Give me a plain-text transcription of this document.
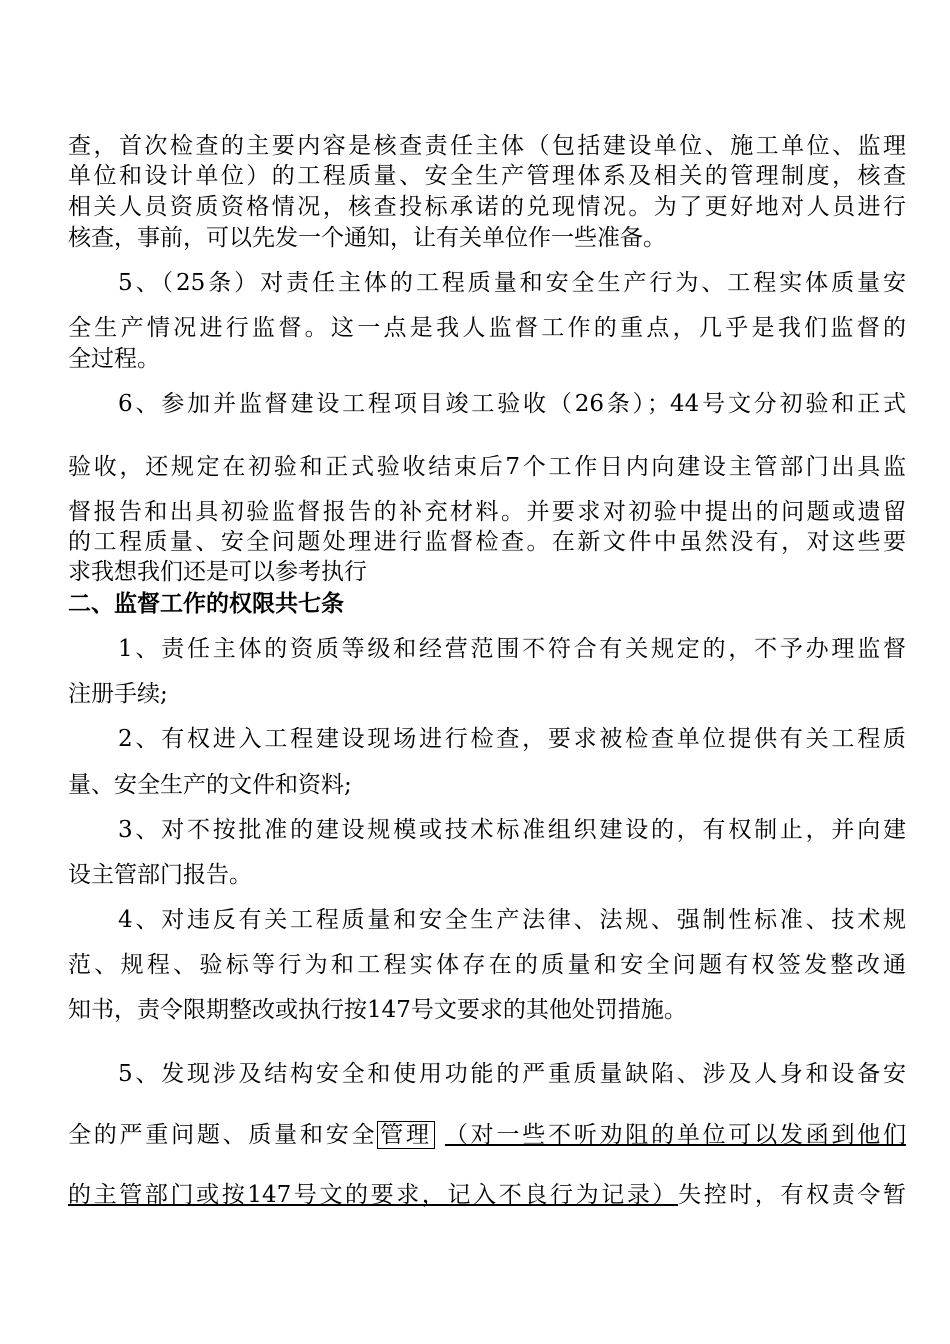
查，首次检查的主要内容是核查责任主体（包括建设单位、施工单位、监理
单位和设计单位）的工程质量、安全生产管理体系及相关的管理制度，核查
相关人员资质资格情况，核查投标承诺的兑现情况。为了更好地对人员进行
核查，事前，可以先发一个通知，让有关单位作一些准备。
5、（25条）对责任主体的工程质量和安全生产行为、工程实体质量安
全生产情况进行监督。这一点是我人监督工作的重点，几乎是我们监督的
全过程。
6、参加并监督建设工程项目竣工验收（26条）；44号文分初验和正式
验收，还规定在初验和正式验收结束后7个工作日内向建设主管部门出具监
督报告和出具初验监督报告的补充材料。并要求对初验中提出的问题或遗留
的工程质量、安全问题处理进行监督检查。在新文件中虽然没有，对这些要
求我想我们还是可以参考执行
二、监督工作的权限共七条
1、责任主体的资质等级和经营范围不符合有关规定的，不予办理监督
注册手续;
2、有权进入工程建设现场进行检查，要求被检查单位提供有关工程质
量、安全生产的文件和资料;
3、对不按批准的建设规模或技术标准组织建设的，有权制止，并向建
设主管部门报告。
4、对违反有关工程质量和安全生产法律、法规、强制性标准、技术规
范、规程、验标等行为和工程实体存在的质量和安全问题有权签发整改通
知书，责令限期整改或执行按147号文要求的其他处罚措施。
5、发现涉及结构安全和使用功能的严重质量缺陷、涉及人身和设备安
全的严重问题、质量和安全 管理 （对一些不听劝阻的单位可以发函到他们
的主管部门或按147号文的要求，记入不良行为记录）失控时，有权责令暂
